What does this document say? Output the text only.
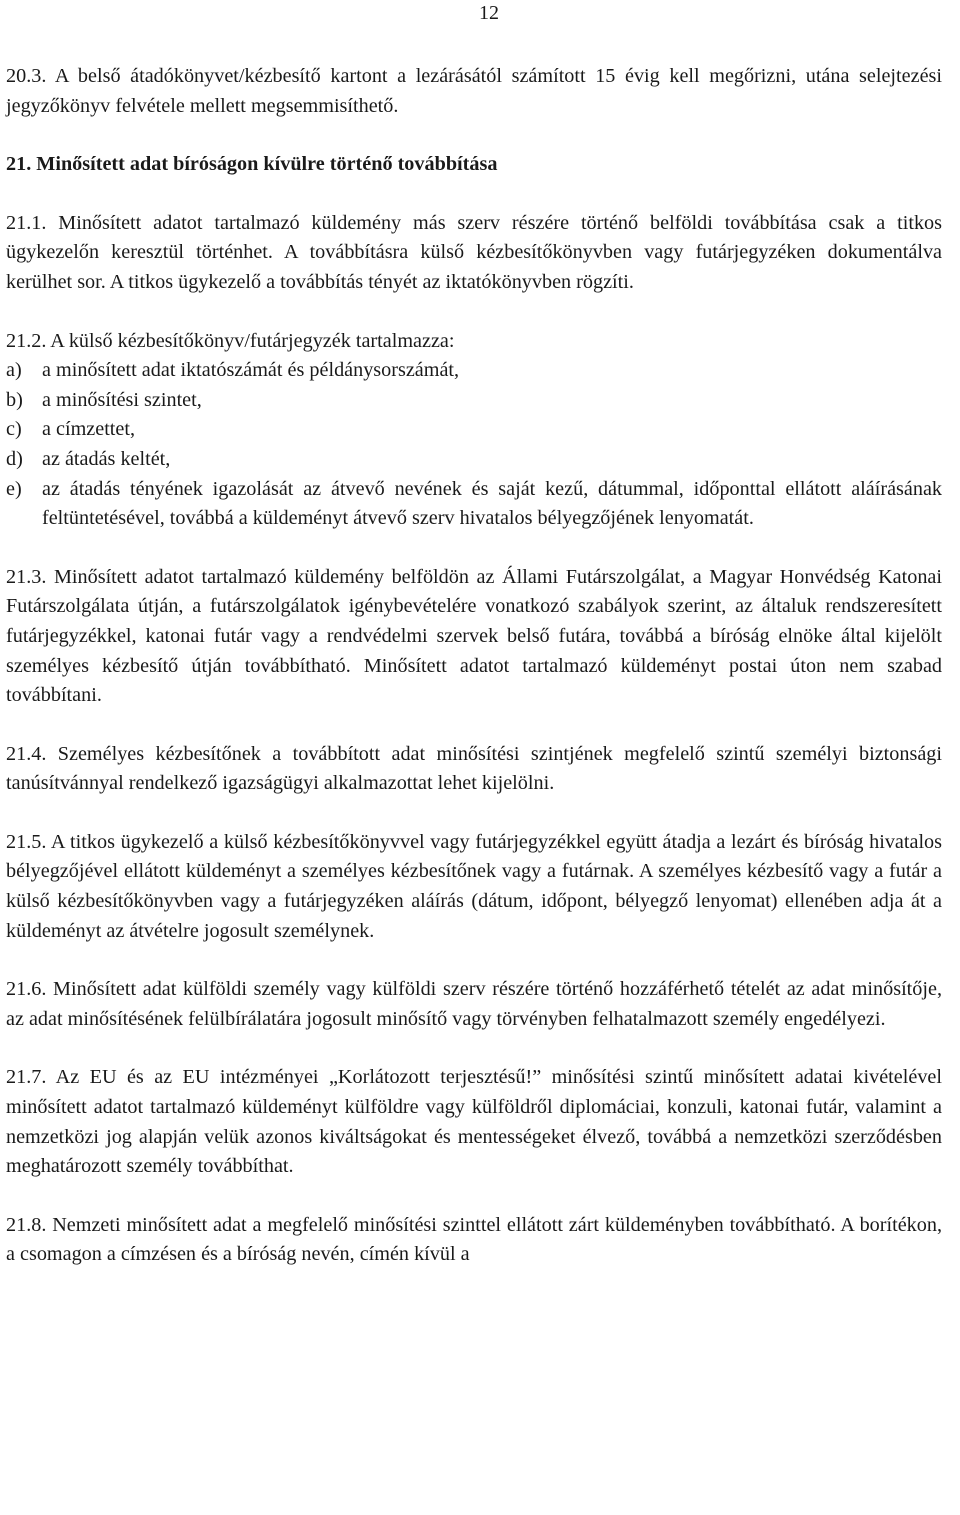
12

20.3. A belső átadókönyvet/kézbesítő kartont a lezárásától számított 15 évig kell megőrizni, utána selejtezési jegyzőkönyv felvétele mellett megsemmisíthető.

21. Minősített adat bíróságon kívülre történő továbbítása

21.1. Minősített adatot tartalmazó küldemény más szerv részére történő belföldi továbbítása csak a titkos ügykezelőn keresztül történhet. A továbbításra külső kézbesítőkönyvben vagy futárjegyzéken dokumentálva kerülhet sor. A titkos ügykezelő a továbbítás tényét az iktatókönyvben rögzíti.

21.2. A külső kézbesítőkönyv/futárjegyzék tartalmazza:

a)	a minősített adat iktatószámát és példánysorszámát,
b) a minősítési szintet,
c)	a címzettet,
d) az átadás keltét,
e)	az átadás tényének igazolását az átvevő nevének és saját kezű, dátummal, időponttal ellátott aláírásának feltüntetésével, továbbá a küldeményt átvevő szerv hivatalos bélyegzőjének lenyomatát.

21.3. Minősített adatot tartalmazó küldemény belföldön az Állami Futárszolgálat, a Magyar Honvédség Katonai Futárszolgálata útján, a futárszolgálatok igénybevételére vonatkozó szabályok szerint, az általuk rendszeresített futárjegyzékkel, katonai futár vagy a rendvédelmi szervek belső futára, továbbá a bíróság elnöke által kijelölt személyes kézbesítő útján továbbítható. Minősített adatot tartalmazó küldeményt postai úton nem szabad továbbítani.

21.4. Személyes kézbesítőnek a továbbított adat minősítési szintjének megfelelő szintű személyi biztonsági tanúsítvánnyal rendelkező igazságügyi alkalmazottat lehet kijelölni.

21.5. A titkos ügykezelő a külső kézbesítőkönyvvel vagy futárjegyzékkel együtt átadja a lezárt és bíróság hivatalos bélyegzőjével ellátott küldeményt a személyes kézbesítőnek vagy a futárnak. A személyes kézbesítő vagy a futár a külső kézbesítőkönyvben vagy a futárjegyzéken aláírás (dátum, időpont, bélyegző lenyomat) ellenében adja át a küldeményt az átvételre jogosult személynek.

21.6. Minősített adat külföldi személy vagy külföldi szerv részére történő hozzáférhető tételét az adat minősítője, az adat minősítésének felülbírálatára jogosult minősítő vagy törvényben felhatalmazott személy engedélyezi.

21.7. Az EU és az EU intézményei „Korlátozott terjesztésű!” minősítési szintű minősített adatai kivételével minősített adatot tartalmazó küldeményt külföldre vagy külföldről diplomáciai, konzuli, katonai futár, valamint a nemzetközi jog alapján velük azonos kiváltságokat és mentességeket élvező, továbbá a nemzetközi szerződésben meghatározott személy továbbíthat.

21.8. Nemzeti minősített adat a megfelelő minősítési szinttel ellátott zárt küldeményben továbbítható. A borítékon, a csomagon a címzésen és a bíróság nevén, címén kívül a
